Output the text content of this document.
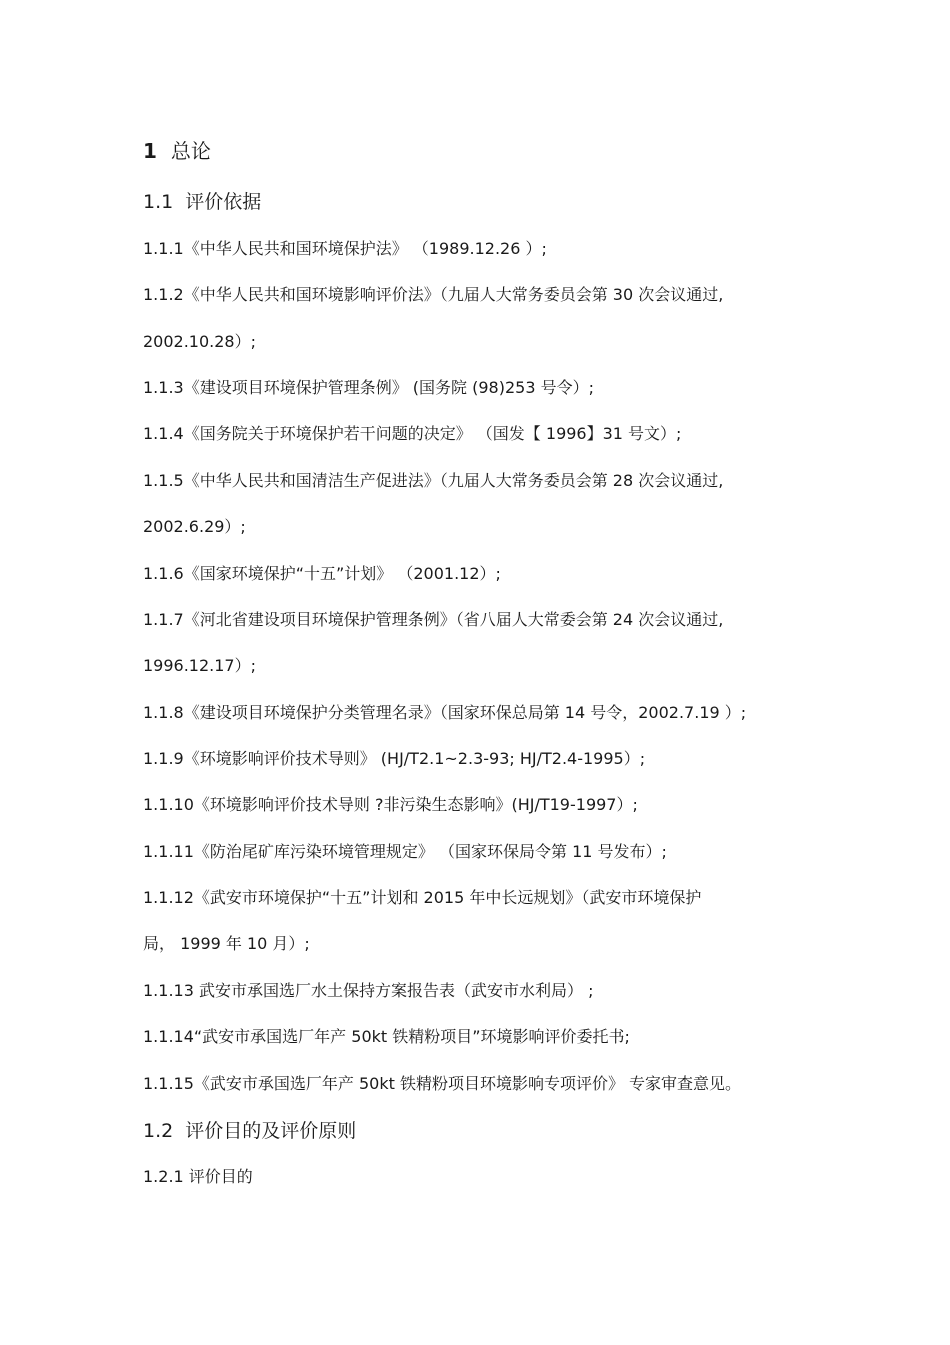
1 总论
1.1 评价依据
1.1.1《中华人民共和国环境保护法》 （1989.12.26 ）;
1.1.2《中华人民共和国环境影响评价法》（九届人大常务委员会第 30 次会议通过,
2002.10.28）;
1.1.3《建设项目环境保护管理条例》 (国务院 (98)253 号令）;
1.1.4《国务院关于环境保护若干问题的决定》 （国发【 1996】31 号文）;
1.1.5《中华人民共和国清洁生产促进法》（九届人大常务委员会第 28 次会议通过,
2002.6.29）;
1.1.6《国家环境保护“十五”计划》 （2001.12）;
1.1.7《河北省建设项目环境保护管理条例》（省八届人大常委会第 24 次会议通过,
1996.12.17）;
1.1.8《建设项目环境保护分类管理名录》（国家环保总局第 14 号令，2002.7.19 ）;
1.1.9《环境影响评价技术导则》 (HJ/T2.1~2.3-93; HJ/T2.4-1995）;
1.1.10《环境影响评价技术导则 ?非污染生态影响》(HJ/T19-1997）;
1.1.11《防治尾矿库污染环境管理规定》 （国家环保局令第 11 号发布）;
1.1.12《武安市环境保护“十五”计划和 2015 年中长远规划》（武安市环境保护
局， 1999 年 10 月）;
1.1.13 武安市承国选厂水土保持方案报告表（武安市水利局） ;
1.1.14“武安市承国选厂年产 50kt 铁精粉项目”环境影响评价委托书;
1.1.15《武安市承国选厂年产 50kt 铁精粉项目环境影响专项评价》 专家审查意见。
1.2 评价目的及评价原则
1.2.1 评价目的
